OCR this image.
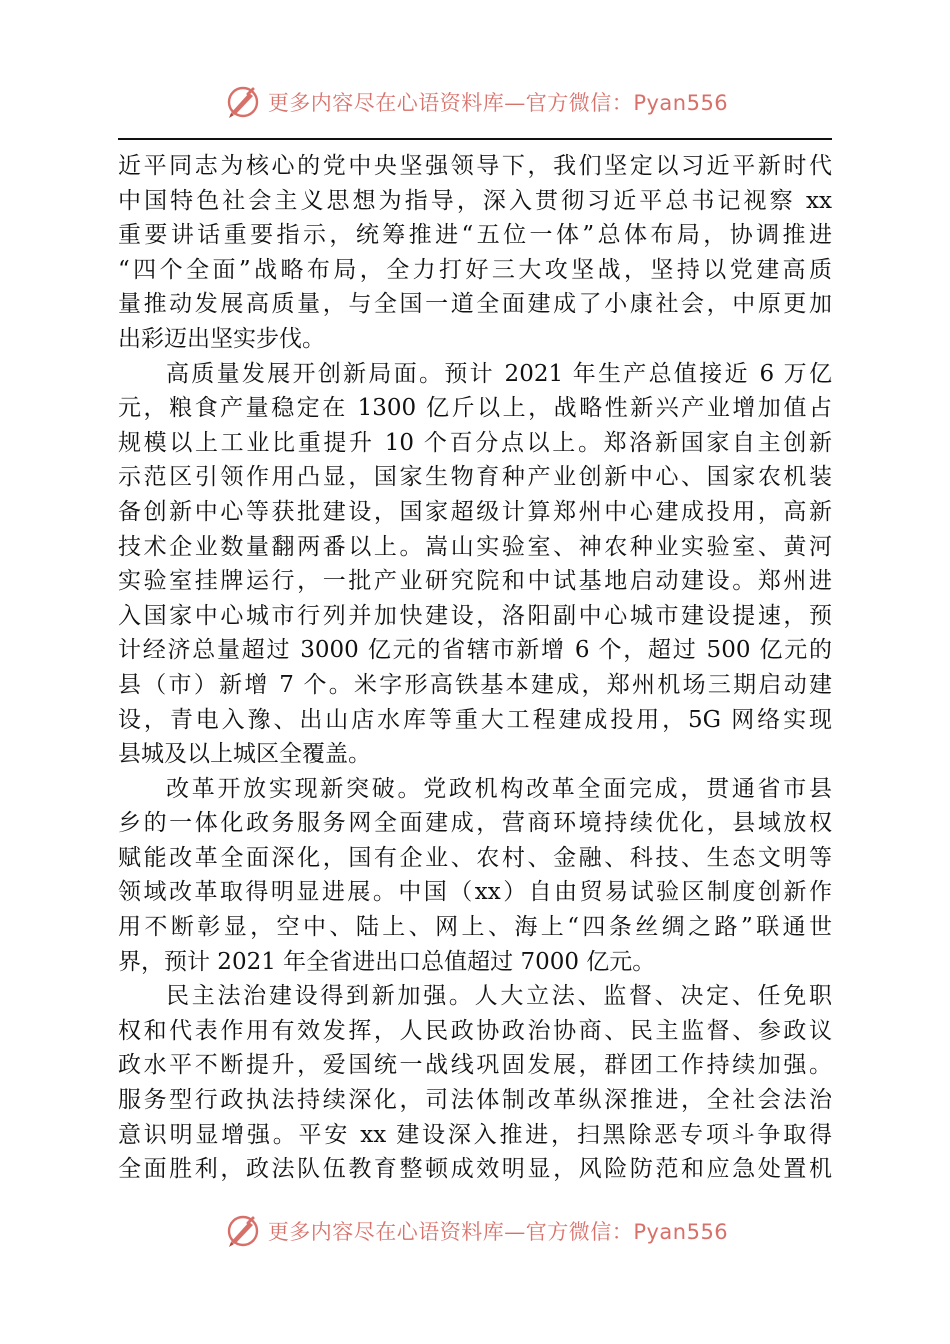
更多内容尽在心语资料库—官方微信：Pyan556
近平同志为核心的党中央坚强领导下，我们坚定以习近平新时代
中国特色社会主义思想为指导，深入贯彻习近平总书记视察 xx
重要讲话重要指示，统筹推进“五位一体”总体布局，协调推进
“四个全面”战略布局，全力打好三大攻坚战，坚持以党建高质
量推动发展高质量，与全国一道全面建成了小康社会，中原更加
出彩迈出坚实步伐。
高质量发展开创新局面。预计 2021 年生产总值接近 6 万亿
元，粮食产量稳定在 1300 亿斤以上，战略性新兴产业增加值占
规模以上工业比重提升 10 个百分点以上。郑洛新国家自主创新
示范区引领作用凸显，国家生物育种产业创新中心、国家农机装
备创新中心等获批建设，国家超级计算郑州中心建成投用，高新
技术企业数量翻两番以上。嵩山实验室、神农种业实验室、黄河
实验室挂牌运行，一批产业研究院和中试基地启动建设。郑州进
入国家中心城市行列并加快建设，洛阳副中心城市建设提速，预
计经济总量超过 3000 亿元的省辖市新增 6 个，超过 500 亿元的
县（市）新增 7 个。米字形高铁基本建成，郑州机场三期启动建
设，青电入豫、出山店水库等重大工程建成投用，5G 网络实现
县城及以上城区全覆盖。
改革开放实现新突破。党政机构改革全面完成，贯通省市县
乡的一体化政务服务网全面建成，营商环境持续优化，县域放权
赋能改革全面深化，国有企业、农村、金融、科技、生态文明等
领域改革取得明显进展。中国（xx）自由贸易试验区制度创新作
用不断彰显，空中、陆上、网上、海上“四条丝绸之路”联通世
界，预计 2021 年全省进出口总值超过 7000 亿元。
民主法治建设得到新加强。人大立法、监督、决定、任免职
权和代表作用有效发挥，人民政协政治协商、民主监督、参政议
政水平不断提升，爱国统一战线巩固发展，群团工作持续加强。
服务型行政执法持续深化，司法体制改革纵深推进，全社会法治
意识明显增强。平安 xx 建设深入推进，扫黑除恶专项斗争取得
全面胜利，政法队伍教育整顿成效明显，风险防范和应急处置机
更多内容尽在心语资料库—官方微信：Pyan556
